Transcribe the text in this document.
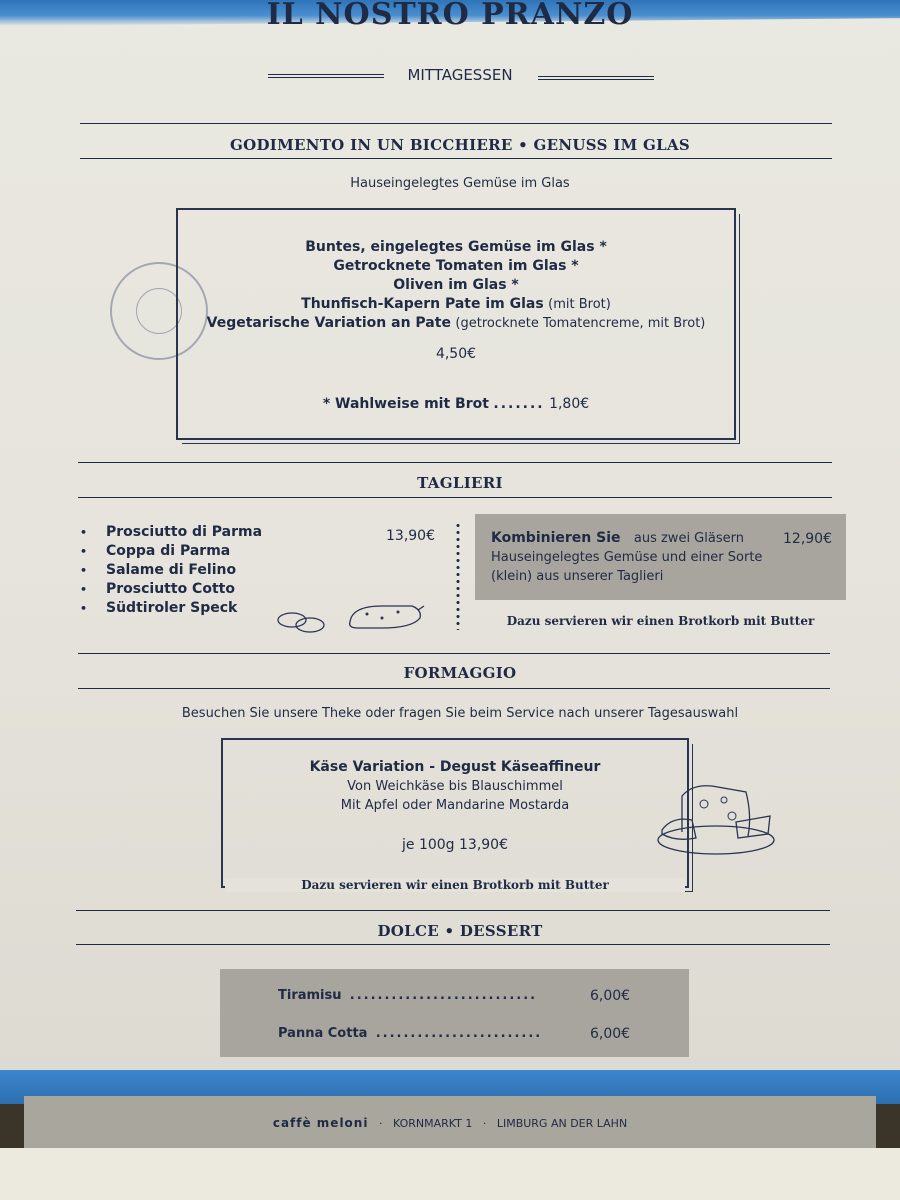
IL NOSTRO PRANZO
MITTAGESSEN
GODIMENTO IN UN BICCHIERE • GENUSS IM GLAS
Hauseingelegtes Gemüse im Glas
Buntes, eingelegtes Gemüse im Glas *
Getrocknete Tomaten im Glas *
Oliven im Glas *
Thunfisch-Kapern Pate im Glas (mit Brot)
Vegetarische Variation an Pate (getrocknete Tomatencreme, mit Brot)
4,50€
* Wahlweise mit Brot ....... 1,80€
TAGLIERI
• Prosciutto di Parma
• Coppa di Parma
• Salame di Felino
• Prosciutto Cotto
• Südtiroler Speck
13,90€	Kombinieren Sie aus zwei Gläsern
Hauseingelegtes Gemüse und einer Sorte
(klein) aus unserer Taglieri
12,90€
Dazu servieren wir einen Brotkorb mit Butter
FORMAGGIO
Besuchen Sie unsere Theke oder fragen Sie beim Service nach unserer Tagesauswahl
Käse Variation - Degust Käseaffineur
Von Weichkäse bis Blauschimmel
Mit Apfel oder Mandarine Mostarda
je 100g 13,90€
Dazu servieren wir einen Brotkorb mit Butter
DOLCE • DESSERT
Tiramisu ...........................	6,00€
Panna Cotta ........................	6,00€
caffè meloni · KORNMARKT 1 · LIMBURG AN DER LAHN
